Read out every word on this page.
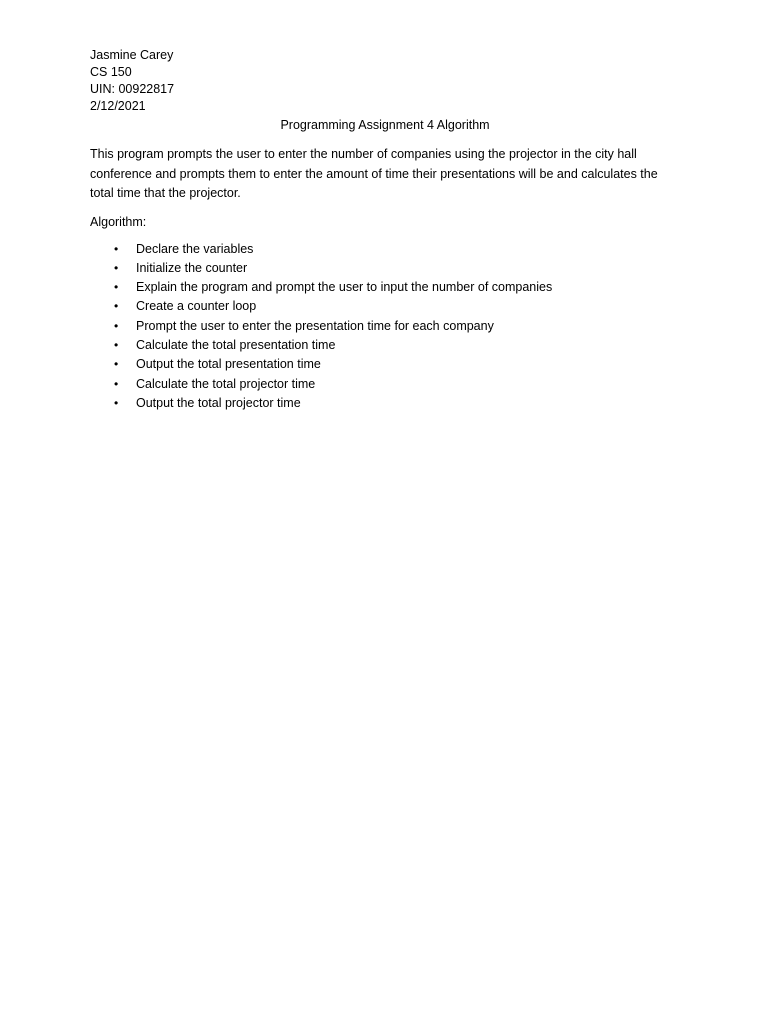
Jasmine Carey
CS 150
UIN: 00922817
2/12/2021
Programming Assignment 4 Algorithm
This program prompts the user to enter the number of companies using the projector in the city hall conference and prompts them to enter the amount of time their presentations will be and calculates the total time that the projector.
Algorithm:
• Declare the variables
• Initialize the counter
• Explain the program and prompt the user to input the number of companies
• Create a counter loop
• Prompt the user to enter the presentation time for each company
• Calculate the total presentation time
• Output the total presentation time
• Calculate the total projector time
• Output the total projector time
